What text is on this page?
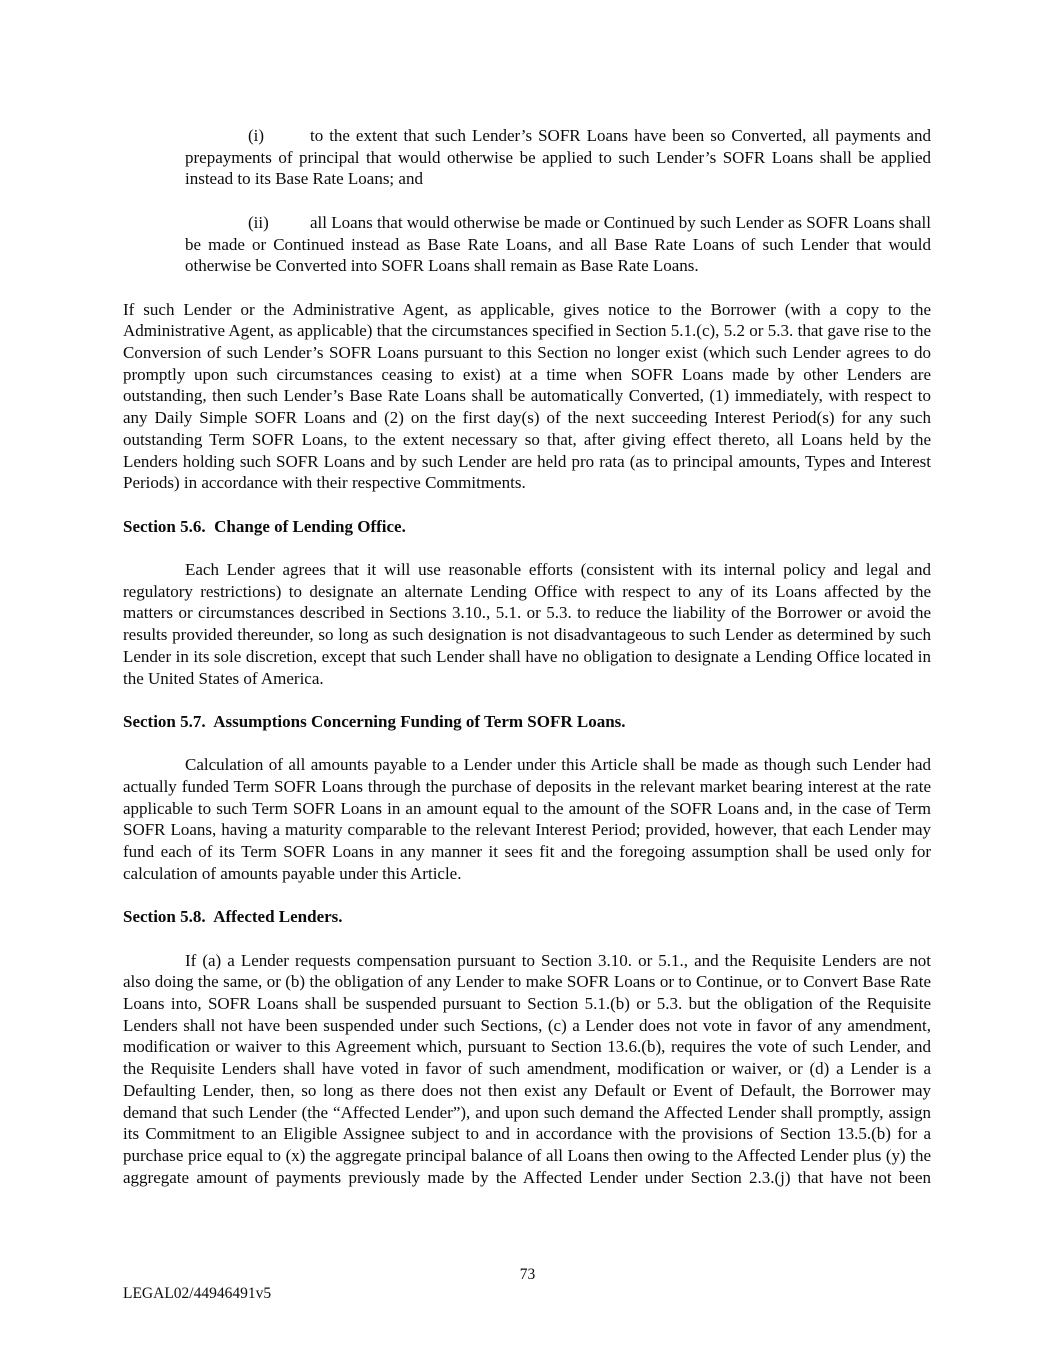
(i)	to the extent that such Lender’s SOFR Loans have been so Converted, all payments and prepayments of principal that would otherwise be applied to such Lender’s SOFR Loans shall be applied instead to its Base Rate Loans; and

(ii) all Loans that would otherwise be made or Continued by such Lender as SOFR Loans shall be made or Continued instead as Base Rate Loans, and all Base Rate Loans of such Lender that would otherwise be Converted into SOFR Loans shall remain as Base Rate Loans.

If such Lender or the Administrative Agent, as applicable, gives notice to the Borrower (with a copy to the Administrative Agent, as applicable) that the circumstances specified in Section 5.1.(c), 5.2 or 5.3. that gave rise to the Conversion of such Lender’s SOFR Loans pursuant to this Section no longer exist (which such Lender agrees to do promptly upon such circumstances ceasing to exist) at a time when SOFR Loans made by other Lenders are outstanding, then such Lender’s Base Rate Loans shall be automatically Converted, (1) immediately, with respect to any Daily Simple SOFR Loans and (2) on the first day(s) of the next succeeding Interest Period(s) for any such outstanding Term SOFR Loans, to the extent necessary so that, after giving effect thereto, all Loans held by the Lenders holding such SOFR Loans and by such Lender are held pro rata (as to principal amounts, Types and Interest Periods) in accordance with their respective Commitments.

Section 5.6.  Change of Lending Office.

Each Lender agrees that it will use reasonable efforts (consistent with its internal policy and legal and regulatory restrictions) to designate an alternate Lending Office with respect to any of its Loans affected by the matters or circumstances described in Sections 3.10., 5.1. or 5.3. to reduce the liability of the Borrower or avoid the results provided thereunder, so long as such designation is not disadvantageous to such Lender as determined by such Lender in its sole discretion, except that such Lender shall have no obligation to designate a Lending Office located in the United States of America.

Section 5.7.  Assumptions Concerning Funding of Term SOFR Loans.

Calculation of all amounts payable to a Lender under this Article shall be made as though such Lender had actually funded Term SOFR Loans through the purchase of deposits in the relevant market bearing interest at the rate applicable to such Term SOFR Loans in an amount equal to the amount of the SOFR Loans and, in the case of Term SOFR Loans, having a maturity comparable to the relevant Interest Period; provided, however, that each Lender may fund each of its Term SOFR Loans in any manner it sees fit and the foregoing assumption shall be used only for calculation of amounts payable under this Article.

Section 5.8.  Affected Lenders.

If (a) a Lender requests compensation pursuant to Section 3.10. or 5.1., and the Requisite Lenders are not also doing the same, or (b) the obligation of any Lender to make SOFR Loans or to Continue, or to Convert Base Rate Loans into, SOFR Loans shall be suspended pursuant to Section 5.1.(b) or 5.3. but the obligation of the Requisite Lenders shall not have been suspended under such Sections, (c) a Lender does not vote in favor of any amendment, modification or waiver to this Agreement which, pursuant to Section 13.6.(b), requires the vote of such Lender, and the Requisite Lenders shall have voted in favor of such amendment, modification or waiver, or (d) a Lender is a Defaulting Lender, then, so long as there does not then exist any Default or Event of Default, the Borrower may demand that such Lender (the “Affected Lender”), and upon such demand the Affected Lender shall promptly, assign its Commitment to an Eligible Assignee subject to and in accordance with the provisions of Section 13.5.(b) for a purchase price equal to (x) the aggregate principal balance of all Loans then owing to the Affected Lender plus (y) the aggregate amount of payments previously made by the Affected Lender under Section 2.3.(j) that have not been

73
LEGAL02/44946491v5
